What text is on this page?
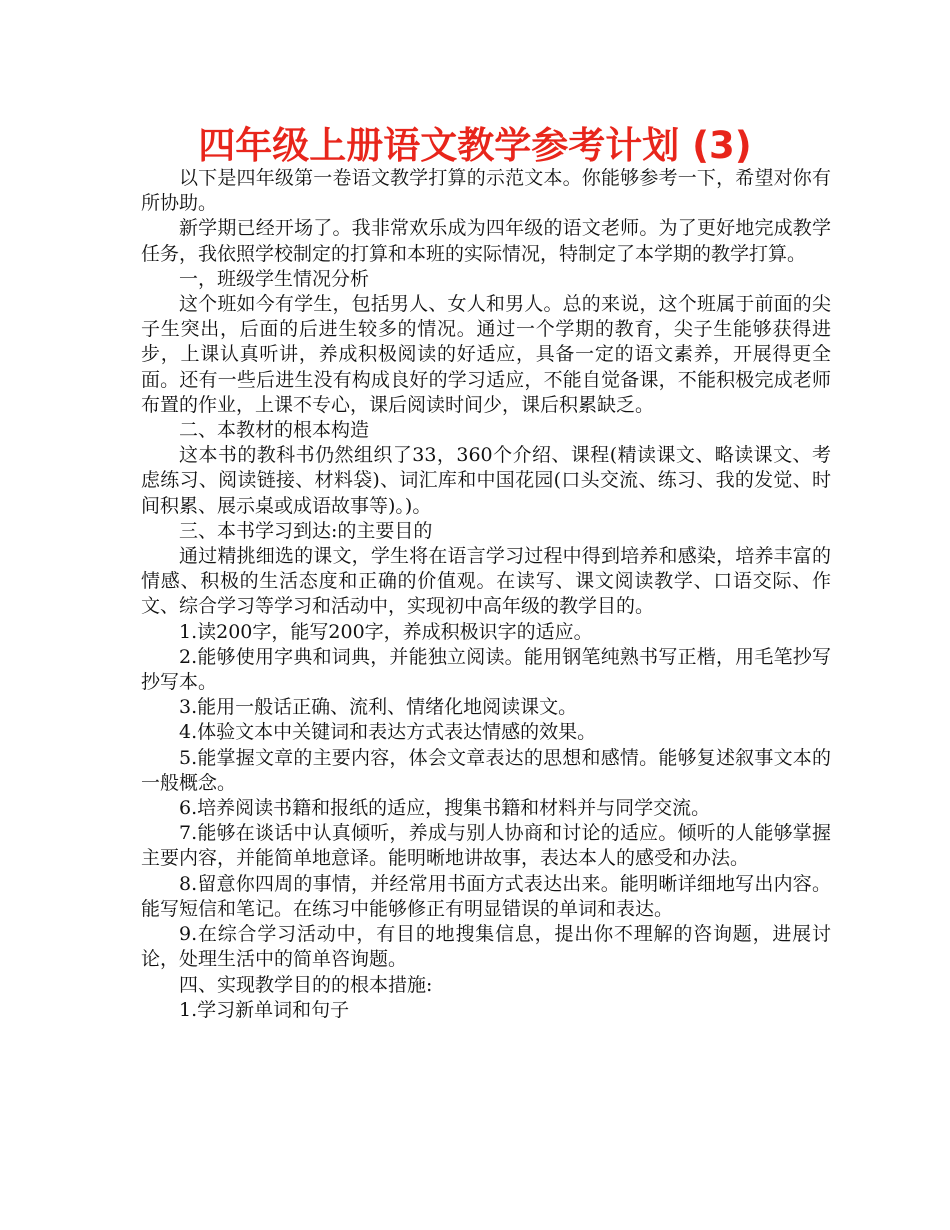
四年级上册语文教学参考计划 (3)

以下是四年级第一卷语文教学打算的示范文本。你能够参考一下，希望对你有所协助。

新学期已经开场了。我非常欢乐成为四年级的语文老师。为了更好地完成教学任务，我依照学校制定的打算和本班的实际情况，特制定了本学期的教学打算。

一，班级学生情况分析

这个班如今有学生，包括男人、女人和男人。总的来说，这个班属于前面的尖子生突出，后面的后进生较多的情况。通过一个学期的教育，尖子生能够获得进步，上课认真听讲，养成积极阅读的好适应，具备一定的语文素养，开展得更全面。还有一些后进生没有构成良好的学习适应，不能自觉备课，不能积极完成老师布置的作业，上课不专心，课后阅读时间少，课后积累缺乏。

二、本教材的根本构造

这本书的教科书仍然组织了33，360个介绍、课程(精读课文、略读课文、考虑练习、阅读链接、材料袋)、词汇库和中国花园(口头交流、练习、我的发觉、时间积累、展示桌或成语故事等)。)。

三、本书学习到达:的主要目的

通过精挑细选的课文，学生将在语言学习过程中得到培养和感染，培养丰富的情感、积极的生活态度和正确的价值观。在读写、课文阅读教学、口语交际、作文、综合学习等学习和活动中，实现初中高年级的教学目的。

1.读200字，能写200字，养成积极识字的适应。

2.能够使用字典和词典，并能独立阅读。能用钢笔纯熟书写正楷，用毛笔抄写抄写本。

3.能用一般话正确、流利、情绪化地阅读课文。

4.体验文本中关键词和表达方式表达情感的效果。

5.能掌握文章的主要内容，体会文章表达的思想和感情。能够复述叙事文本的一般概念。

6.培养阅读书籍和报纸的适应，搜集书籍和材料并与同学交流。

7.能够在谈话中认真倾听，养成与别人协商和讨论的适应。倾听的人能够掌握主要内容，并能简单地意译。能明晰地讲故事，表达本人的感受和办法。

8.留意你四周的事情，并经常用书面方式表达出来。能明晰详细地写出内容。能写短信和笔记。在练习中能够修正有明显错误的单词和表达。

9.在综合学习活动中，有目的地搜集信息，提出你不理解的咨询题，进展讨论，处理生活中的简单咨询题。

四、实现教学目的的根本措施:

1.学习新单词和句子
